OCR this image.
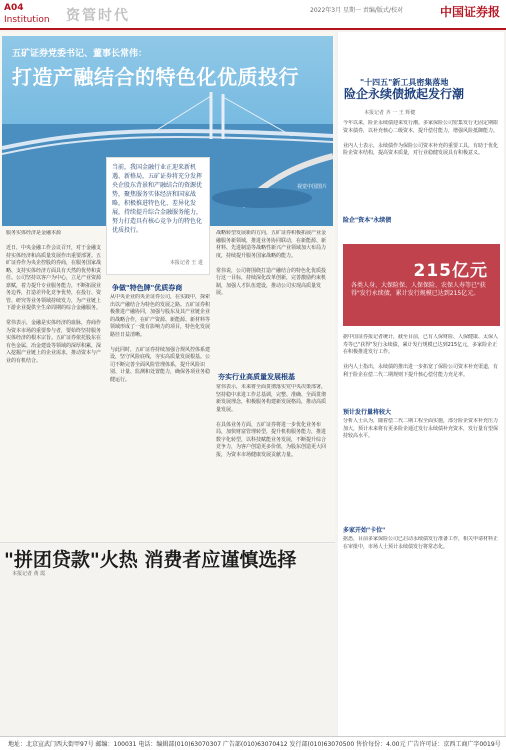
A04
Institution 资管时代	2022年3月 星期一 责编/版式/校对	中国证券报
五矿证券党委书记、董事长常伟：
打造产融结合的特色化优质投行
视觉中国图片
当前，我国金融行业正迎来新机遇、新格局，五矿证券将充分发挥央企股东背景和产融结合的资源优势，聚焦服务实体经济和国家战略，积极推进特色化、差异化发展，持续提升综合金融服务能力，努力打造具有核心竞争力的特色化优质投行。
本报记者 王 进
服务实体经济是金融本源

近日，中央金融工作会议召开，对于金融支持实体经济和高质量发展作出重要部署。五矿证券作为央企控股的券商，在服务国家战略、支持实体经济方面具有天然的优势和责任。公司坚持以客户为中心，立足产业资源禀赋，着力提升专业服务能力，不断拓展业务边界，打造差异化竞争优势，在投行、资管、研究等业务领域持续发力，为产业链上下游企业提供全生命周期的综合金融服务。

常伟表示，金融是实体经济的血脉，券商作为资本市场的重要参与者，要始终坚持服务实体经济的根本宗旨。五矿证券依托股东在有色金属、冶金建设等领域的深厚积累，深入挖掘产业链上的企业需求，推动资本与产业的有机结合。
争做"特色牌"优质券商
从中央企业的央企证券公司，在实践中，探索出以产融结合为特色的发展之路。五矿证券积极推进产融协同，加强与股东及其产业链企业的战略合作，在矿产资源、新能源、新材料等领域形成了一批有影响力的项目，特色化发展路径日益清晰。

与此同时，五矿证券持续加强合规风控体系建设，坚守风险底线，夯实高质量发展根基。公司不断完善全面风险管理体系，提升风险识别、计量、监测和处置能力，确保各项业务稳健运行。
战略转型发展新的方向，五矿证券积极拓展产业金融服务新领域，推进业务协同联动，在新能源、新材料、先进制造等战略性新兴产业领域加大布局力度，持续提升服务国家战略的能力。

常伟说，公司将围绕打造产融结合的特色化优质投行这一目标，持续深化改革创新，完善激励约束机制，加强人才队伍建设，推动公司实现高质量发展。
夯实行业高质量发展根基
常伟表示，未来将全面贯彻落实党中央决策部署，坚持稳中求进工作总基调，完整、准确、全面贯彻新发展理念，积极服务构建新发展格局，推动高质量发展。

在具体业务方面，五矿证券将进一步优化业务布局，加快财富管理转型，提升机构服务能力，推进数字化转型，以科技赋能业务发展，不断提升综合竞争力，为客户创造更多价值，为股东创造更大回报，为资本市场健康发展贡献力量。
"拼团贷款"火热 消费者应谨慎选择
本报记者 黄 霞
"十四五"新工具密集落地
险企永续债掀起发行潮
本报记者 齐 一 王 辉健
今年以来，险企永续债迎来发行潮。多家保险公司密集发行无固定期限资本债券，以补充核心二级资本，提升偿付能力，增强风险抵御能力。

业内人士表示，永续债作为保险公司资本补充的重要工具，有助于优化险企资本结构，提高资本质量，对行业稳健发展具有积极意义。
险企"资本"永续债
215亿元
各类人身、大保险保、人保保险、农保人寿等已"获得"发行永续债，累计发行规模已达到215亿元。
据中国证券报记者统计，截至目前，已有人保财险、人保健康、太保人寿等已"获得"发行永续债，累计发行规模已达到215亿元，多家险企正在积极推进发行工作。

业内人士指出，永续债的推出进一步拓宽了保险公司资本补充渠道，有利于险企在偿二代二期规则下提升核心偿付能力充足率。
预计发行量将较大
分析人士认为，随着偿二代二期工程全面实施，部分险企资本补充压力加大，预计未来将有更多险企通过发行永续债补充资本，发行量有望保持较高水平。
多家开始"卡位"
据悉，目前多家保险公司已启动永续债发行准备工作，相关申请材料正在审批中，市场人士预计永续债发行将常态化。
地址：北京宣武门西大街甲97号 邮编：100031 电话：编辑部(010)63070307 广告部(010)63070412 发行部(010)63070500 售价每份：4.00元 广告许可证：京西工商广字0019号
